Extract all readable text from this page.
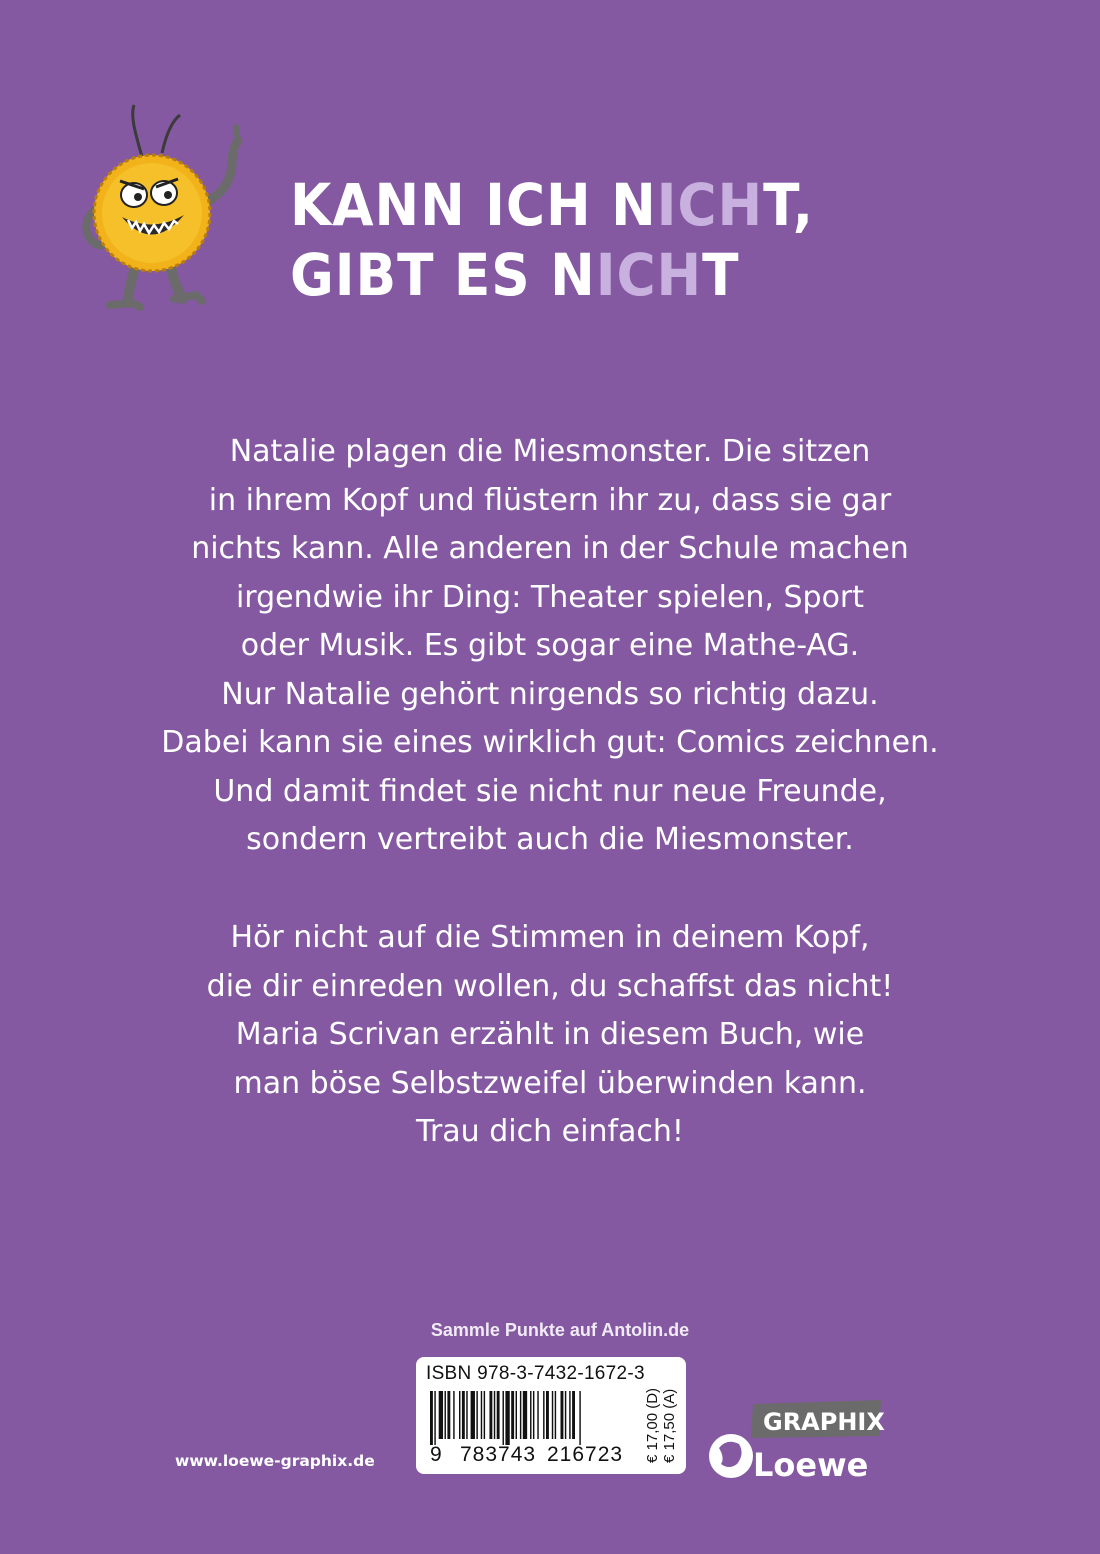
KANN ICH NICHT,
GIBT ES NICHT
Natalie plagen die Miesmonster. Die sitzen
in ihrem Kopf und flüstern ihr zu, dass sie gar
nichts kann. Alle anderen in der Schule machen
irgendwie ihr Ding: Theater spielen, Sport
oder Musik. Es gibt sogar eine Mathe-AG.
Nur Natalie gehört nirgends so richtig dazu.
Dabei kann sie eines wirklich gut: Comics zeichnen.
Und damit findet sie nicht nur neue Freunde,
sondern vertreibt auch die Miesmonster.
Hör nicht auf die Stimmen in deinem Kopf,
die dir einreden wollen, du schaffst das nicht!
Maria Scrivan erzählt in diesem Buch, wie
man böse Selbstzweifel überwinden kann.
Trau dich einfach!
Sammle Punkte auf Antolin.de
ISBN 978-3-7432-1672-3
9 783743 216723 € 17,00 (D) € 17,50 (A)
www.loewe-graphix.de
GRAPHIX
Loewe
